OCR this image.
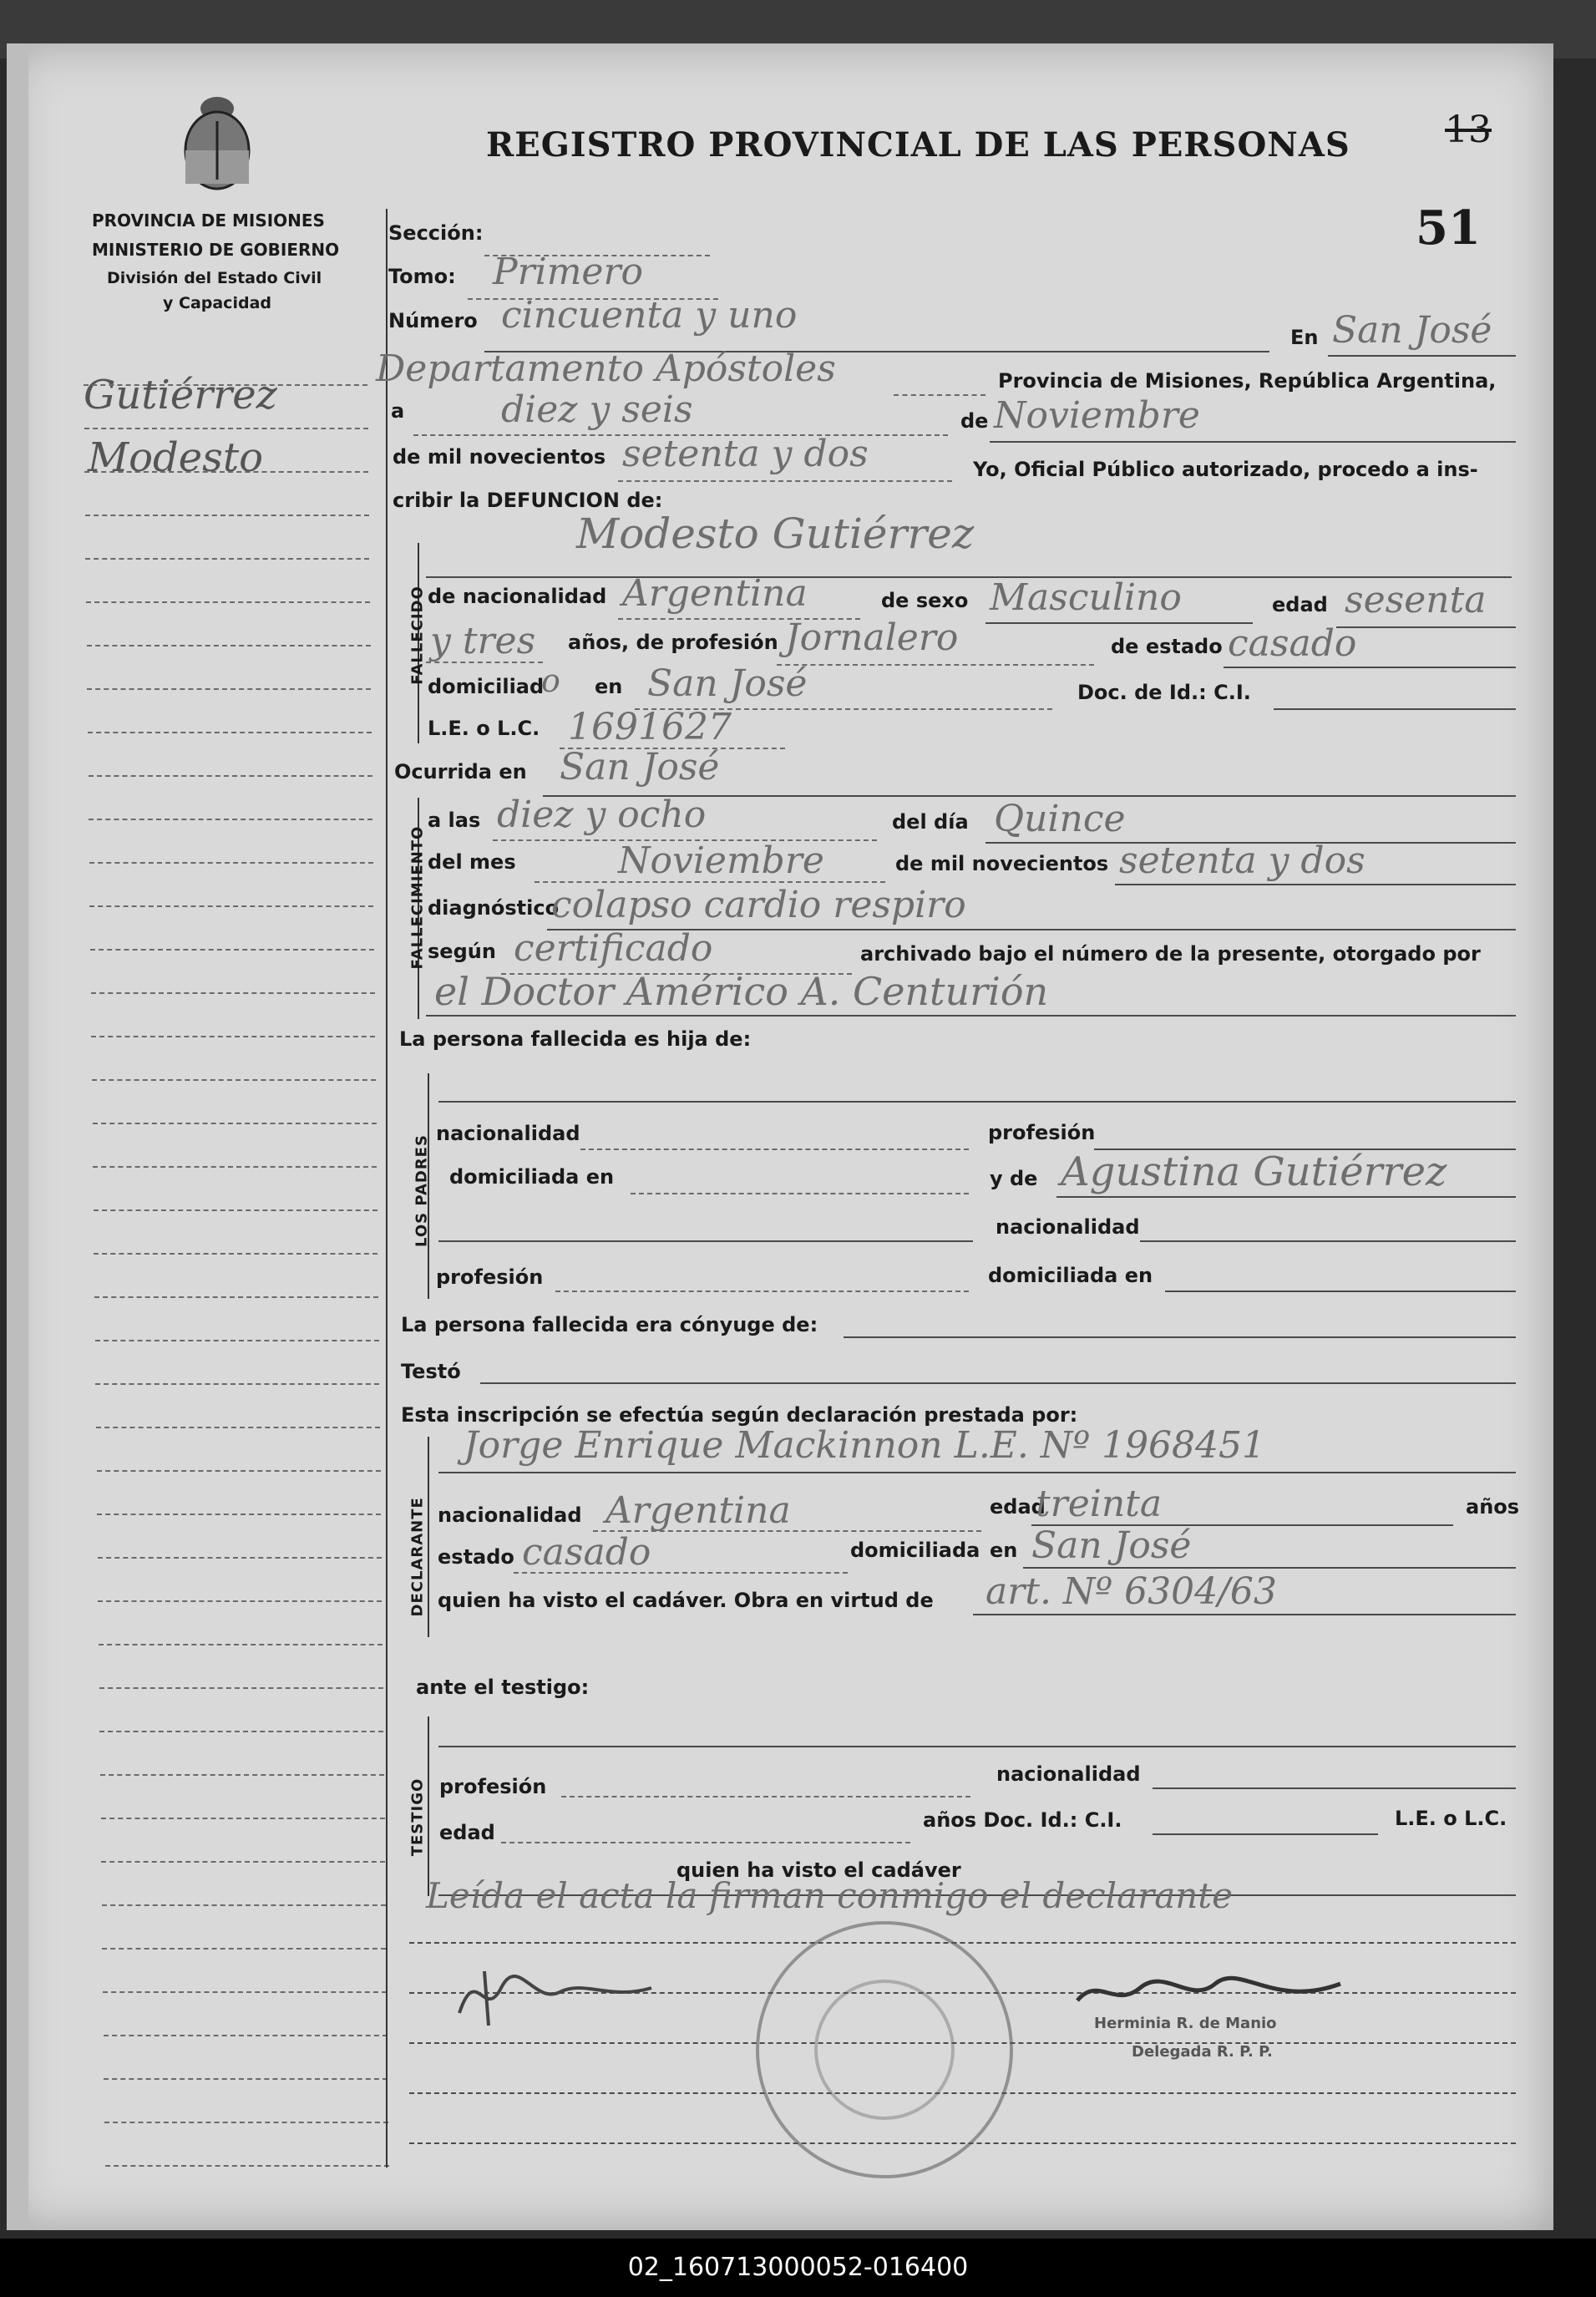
REGISTRO PROVINCIAL DE LAS PERSONAS	13
51
PROVINCIA DE MISIONES
MINISTERIO DE GOBIERNO
División del Estado Civil
y Capacidad
Gutiérrez
Modesto
Sección:
Tomo: Primero
Número cincuenta y uno
En San José
Departamento Apóstoles	Provincia de Misiones, República Argentina,
a	diez y seis	de Noviembre
de mil novecientos setenta y dos	Yo, Oficial Público autorizado, procedo a ins-
cribir la DEFUNCION de:
FALLECIDO
Modesto Gutiérrez
de nacionalidad Argentina	de sexo Masculino	edad sesenta
y tres años, de profesión Jornalero	de estado casado
domiciliad
o en San José	Doc. de Id.: C.I.
L.E. o L.C. 1691627
Ocurrida en San José
FALLECIMIENTO
a las diez y ocho	del día Quince
del mes	Noviembre	de mil novecientos setenta y dos
diagnóstico
colapso cardio respiro
según certificado	archivado bajo el número de la presente, otorgado por
el Doctor Américo A. Centurión
La persona fallecida es hija de:
LOS PADRES
nacionalidad	profesión
domiciliada en	y de Agustina Gutiérrez
nacionalidad
profesión	domiciliada en
La persona fallecida era cónyuge de:
Testó
Esta inscripción se efectúa según declaración prestada por:
DECLARANTE
Jorge Enrique Mackinnon L.E. Nº 1968451
nacionalidad Argentina	edad
treinta	años
estado casado	domiciliada en San José
quien ha visto el cadáver. Obra en virtud de art. Nº 6304/63
ante el testigo:
TESTIGO profesión
nacionalidad
edad
años Doc. Id.: C.I.	L.E. o L.C.
quien ha visto el cadáver
Leída el acta la firman conmigo el declarante
Herminia R. de Manio
Delegada R. P. P.
02_160713000052-016400
